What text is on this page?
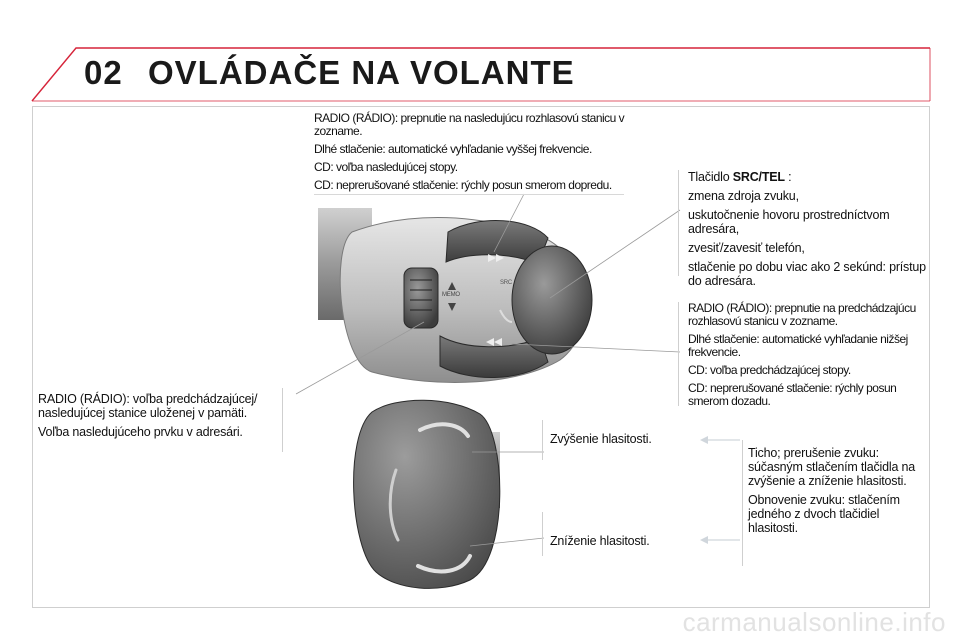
02 OVLÁDAČE NA VOLANTE
MEMO
SRC

RADIO (RÁDIO): prepnutie na nasledujúcu rozhlasovú stanicu v zozname.

Dlhé stlačenie: automatické vyhľadanie vyššej frekvencie.

CD: voľba nasledujúcej stopy.

CD: neprerušované stlačenie: rýchly posun smerom dopredu.

Tlačidlo SRC/TEL :

zmena zdroja zvuku,

uskutočnenie hovoru prostredníctvom adresára,

zvesiť/zavesiť telefón,

stlačenie po dobu viac ako 2 sekúnd: prístup do adresára.

RADIO (RÁDIO): prepnutie na predchádzajúcu rozhlasovú stanicu v zozname.

Dlhé stlačenie: automatické vyhľadanie nižšej frekvencie.

CD: voľba predchádzajúcej stopy.

CD: neprerušované stlačenie: rýchly posun smerom dozadu.

RADIO (RÁDIO): voľba predchádzajúcej/ nasledujúcej stanice uloženej v pamäti.

Voľba nasledujúceho prvku v adresári.	Zvýšenie hlasitosti.
Zníženie hlasitosti.

Ticho; prerušenie zvuku: súčasným stlačením tlačidla na zvýšenie a zníženie hlasitosti.

Obnovenie zvuku: stlačením jedného z dvoch tlačidiel hlasitosti.

carmanualsonline.info
